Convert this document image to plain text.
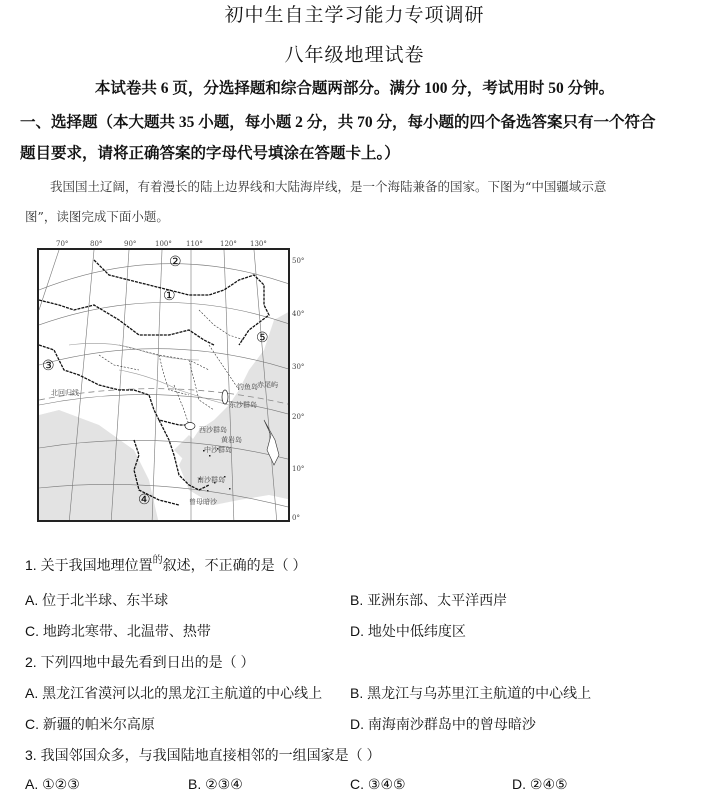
初中生自主学习能力专项调研
八年级地理试卷
本试卷共 6 页，分选择题和综合题两部分。满分 100 分，考试用时 50 分钟。
一、选择题（本大题共 35 小题，每小题 2 分，共 70 分，每小题的四个备选答案只有一个符合
题目要求，请将正确答案的字母代号填涂在答题卡上。）
我国国土辽阔，有着漫长的陆上边界线和大陆海岸线，是一个海陆兼备的国家。下图为“中国疆域示意
图”，读图完成下面小题。
70°	80°	90°	100° 110° 120° 130°
50°
40°
30°
20°
10°
0°
②
①
③
④
⑤
北回归线
钓鱼岛 赤尾屿
东沙群岛
西沙群岛
黄岩岛
中沙群岛
南沙群岛
曾母暗沙
1. 关于我国地理位置$^的$叙述，不正确的是（ ）
A. 位于北半球、东半球	B. 亚洲东部、太平洋西岸
C. 地跨北寒带、北温带、热带	D. 地处中低纬度区
2. 下列四地中最先看到日出的是（ ）
A. 黑龙江省漠河以北的黑龙江主航道的中心线上 B. 黑龙江与乌苏里江主航道的中心线上
C. 新疆的帕米尔高原	D. 南海南沙群岛中的曾母暗沙
3. 我国邻国众多，与我国陆地直接相邻的一组国家是（ ）
A. ①②③	B. ②③④	C. ③④⑤	D. ②④⑤
